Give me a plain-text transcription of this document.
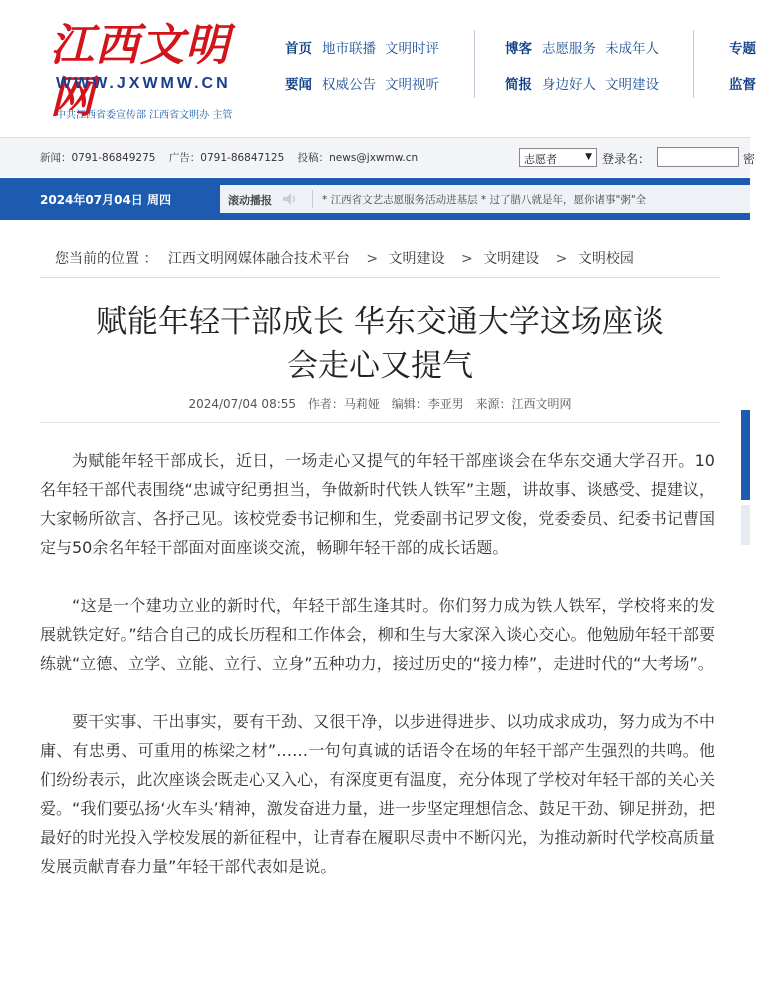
江西文明网
WWW.JXWMW.CN
中共江西省委宣传部 江西省文明办 主管
首页 地市联播 文明时评
要闻 权威公告 文明视听
博客 志愿服务 未成年人
简报 身边好人 文明建设
专题
监督
新闻：0791-86849275 广告：0791-86847125 投稿：news@jxwmw.cn	志愿者	▼ 登录名：	密
2024年07月04日 周四	滚动播报	* 江西省文艺志愿服务活动进基层 * 过了腊八就是年，愿你诸事"粥"全
您当前的位置 ： 江西文明网媒体融合技术平台 > 文明建设 > 文明建设 > 文明校园
赋能年轻干部成长 华东交通大学这场座谈
会走心又提气
2024/07/04 08:55 作者：马莉娅 编辑：李亚男 来源：江西文明网

为赋能年轻干部成长，近日，一场走心又提气的年轻干部座谈会在华东交通大学召开。10名年轻干部代表围绕“忠诚守纪勇担当，争做新时代铁人铁军”主题，讲故事、谈感受、提建议，大家畅所欲言、各抒己见。该校党委书记柳和生，党委副书记罗文俊，党委委员、纪委书记曹国定与50余名年轻干部面对面座谈交流，畅聊年轻干部的成长话题。

“这是一个建功立业的新时代，年轻干部生逢其时。你们努力成为铁人铁军，学校将来的发展就铁定好。”结合自己的成长历程和工作体会，柳和生与大家深入谈心交心。他勉励年轻干部要练就“立德、立学、立能、立行、立身”五种功力，接过历史的“接力棒”，走进时代的“大考场”。

要干实事、干出事实，要有干劲、又很干净，以步进得进步、以功成求成功，努力成为不中庸、有忠勇、可重用的栋梁之材”……一句句真诚的话语令在场的年轻干部产生强烈的共鸣。他们纷纷表示，此次座谈会既走心又入心，有深度更有温度，充分体现了学校对年轻干部的关心关爱。“我们要弘扬‘火车头’精神，激发奋进力量，进一步坚定理想信念、鼓足干劲、铆足拼劲，把最好的时光投入学校发展的新征程中，让青春在履职尽责中不断闪光，为推动新时代学校高质量发展贡献青春力量”年轻干部代表如是说。
